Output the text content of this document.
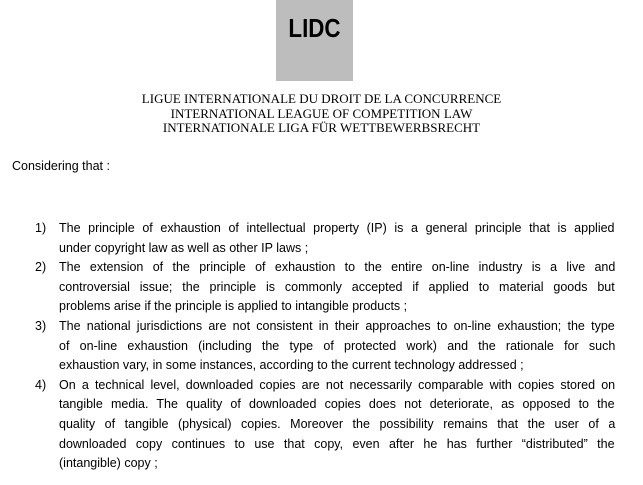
LIDC
LIGUE INTERNATIONALE DU DROIT DE LA CONCURRENCE
INTERNATIONAL LEAGUE OF COMPETITION LAW
INTERNATIONALE LIGA FÜR WETTBEWERBSRECHT
Considering that :
1) The principle of exhaustion of intellectual property (IP) is a general principle that is applied
under copyright law as well as other IP laws ;
2) The extension of the principle of exhaustion to the entire on-line industry is a live and
controversial issue; the principle is commonly accepted if applied to material goods but
problems arise if the principle is applied to intangible products ;
3) The national jurisdictions are not consistent in their approaches to on-line exhaustion; the type
of on-line exhaustion (including the type of protected work) and the rationale for such
exhaustion vary, in some instances, according to the current technology addressed ;
4) On a technical level, downloaded copies are not necessarily comparable with copies stored on
tangible media. The quality of downloaded copies does not deteriorate, as opposed to the
quality of tangible (physical) copies. Moreover the possibility remains that the user of a
downloaded copy continues to use that copy, even after he has further “distributed” the
(intangible) copy ;
